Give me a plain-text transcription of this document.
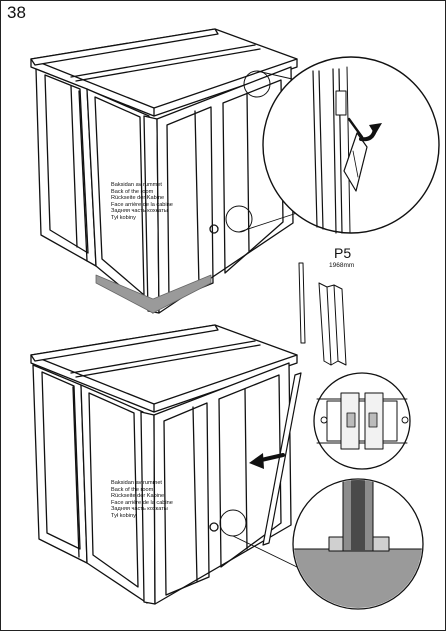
38
Baksidan av rummet
Back of the room
Rückseite der Kabine
Face arrière de la cabine
Задняя часть кохкаты
Tył kobiny
Baksidan av rummet
Back of the room
Rückseite der Kabine
Face arrière de la cabine
Задняя часть кохкаты
Tył kobiny
P5
1968mm
